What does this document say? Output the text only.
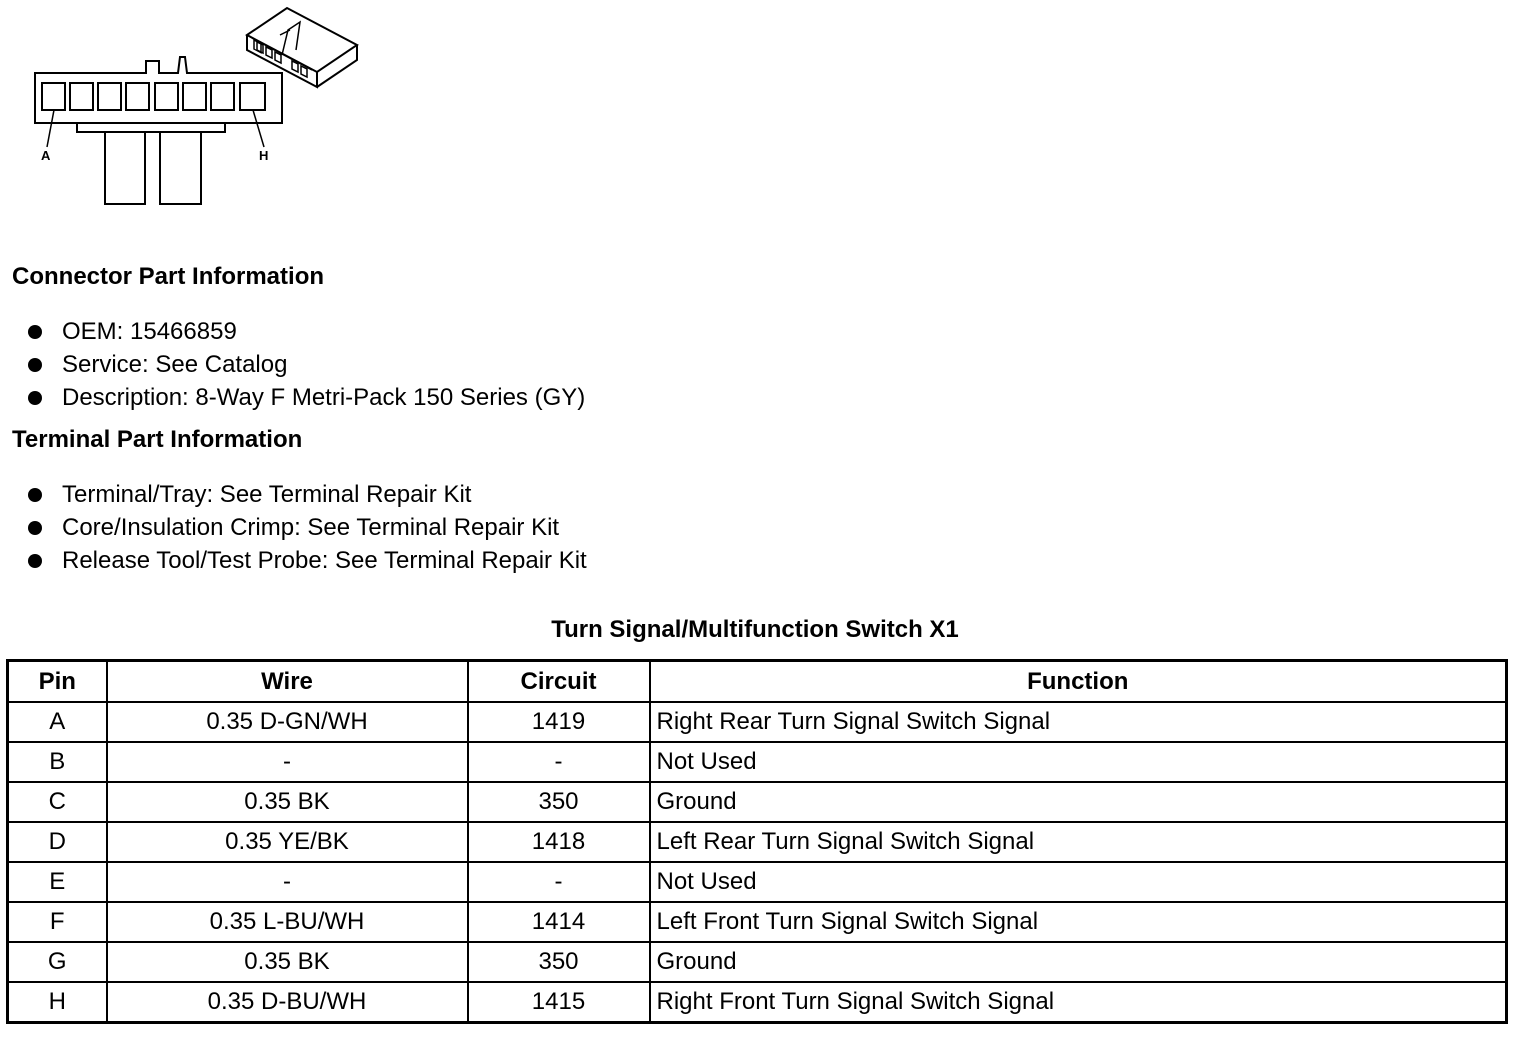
A	H
Connector Part Information
OEM: 15466859
Service: See Catalog
Description: 8-Way F Metri-Pack 150 Series (GY)
Terminal Part Information
Terminal/Tray: See Terminal Repair Kit
Core/Insulation Crimp: See Terminal Repair Kit
Release Tool/Test Probe: See Terminal Repair Kit
Turn Signal/Multifunction Switch X1
Pin	Wire	Circuit	Function
A	0.35 D-GN/WH	1419	Right Rear Turn Signal Switch Signal
B	-	-	Not Used
C	0.35 BK	350	Ground
D	0.35 YE/BK	1418	Left Rear Turn Signal Switch Signal
E	-	-	Not Used
F	0.35 L-BU/WH	1414	Left Front Turn Signal Switch Signal
G	0.35 BK	350	Ground
H	0.35 D-BU/WH	1415	Right Front Turn Signal Switch Signal
